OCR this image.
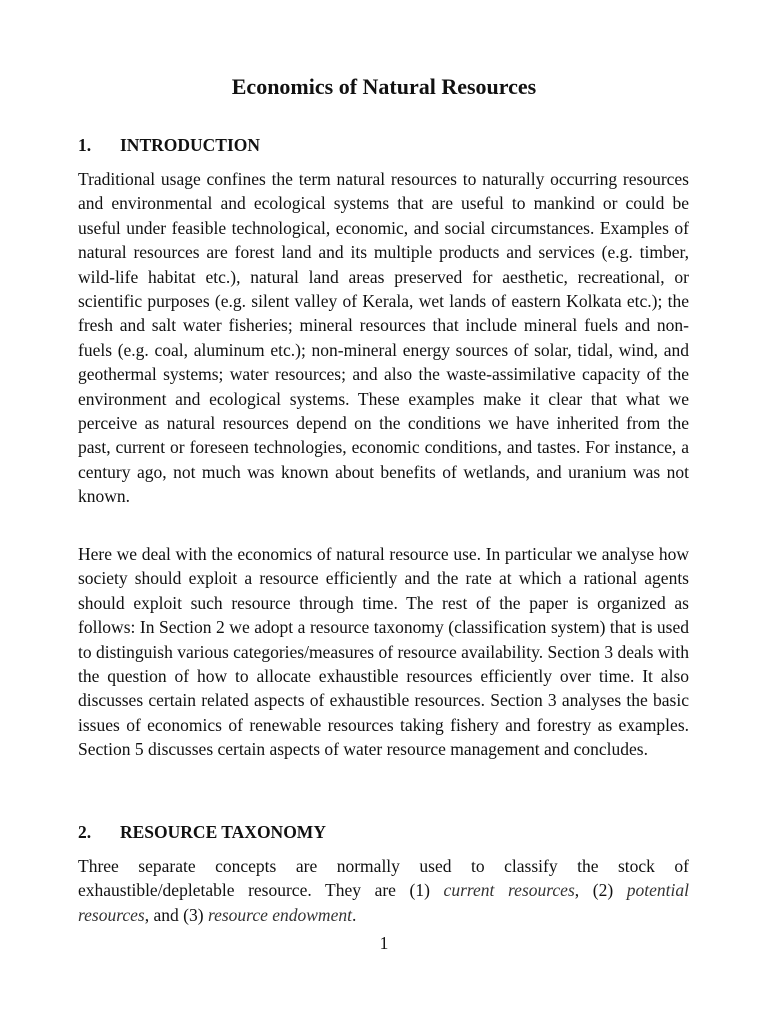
Economics of Natural Resources
1. INTRODUCTION

Traditional usage confines the term natural resources to naturally occurring resources and environmental and ecological systems that are useful to mankind or could be useful under feasible technological, economic, and social circumstances. Examples of natural resources are forest land and its multiple products and services (e.g. timber, wild-life habitat etc.), natural land areas preserved for aesthetic, recreational, or scientific purposes (e.g. silent valley of Kerala, wet lands of eastern Kolkata etc.); the fresh and salt water fisheries; mineral resources that include mineral fuels and non-fuels (e.g. coal, aluminum etc.); non-mineral energy sources of solar, tidal, wind, and geothermal systems; water resources; and also the waste-assimilative capacity of the environment and ecological systems. These examples make it clear that what we perceive as natural resources depend on the conditions we have inherited from the past, current or foreseen technologies, economic conditions, and tastes. For instance, a century ago, not much was known about benefits of wetlands, and uranium was not known.

Here we deal with the economics of natural resource use. In particular we analyse how society should exploit a resource efficiently and the rate at which a rational agents should exploit such resource through time. The rest of the paper is organized as follows: In Section 2 we adopt a resource taxonomy (classification system) that is used to distinguish various categories/measures of resource availability. Section 3 deals with the question of how to allocate exhaustible resources efficiently over time. It also discusses certain related aspects of exhaustible resources. Section 3 analyses the basic issues of economics of renewable resources taking fishery and forestry as examples. Section 5 discusses certain aspects of water resource management and concludes.

2. RESOURCE TAXONOMY

Three separate concepts are normally used to classify the stock of exhaustible/depletable resource. They are (1) current resources, (2) potential resources, and (3) resource endowment.

1
